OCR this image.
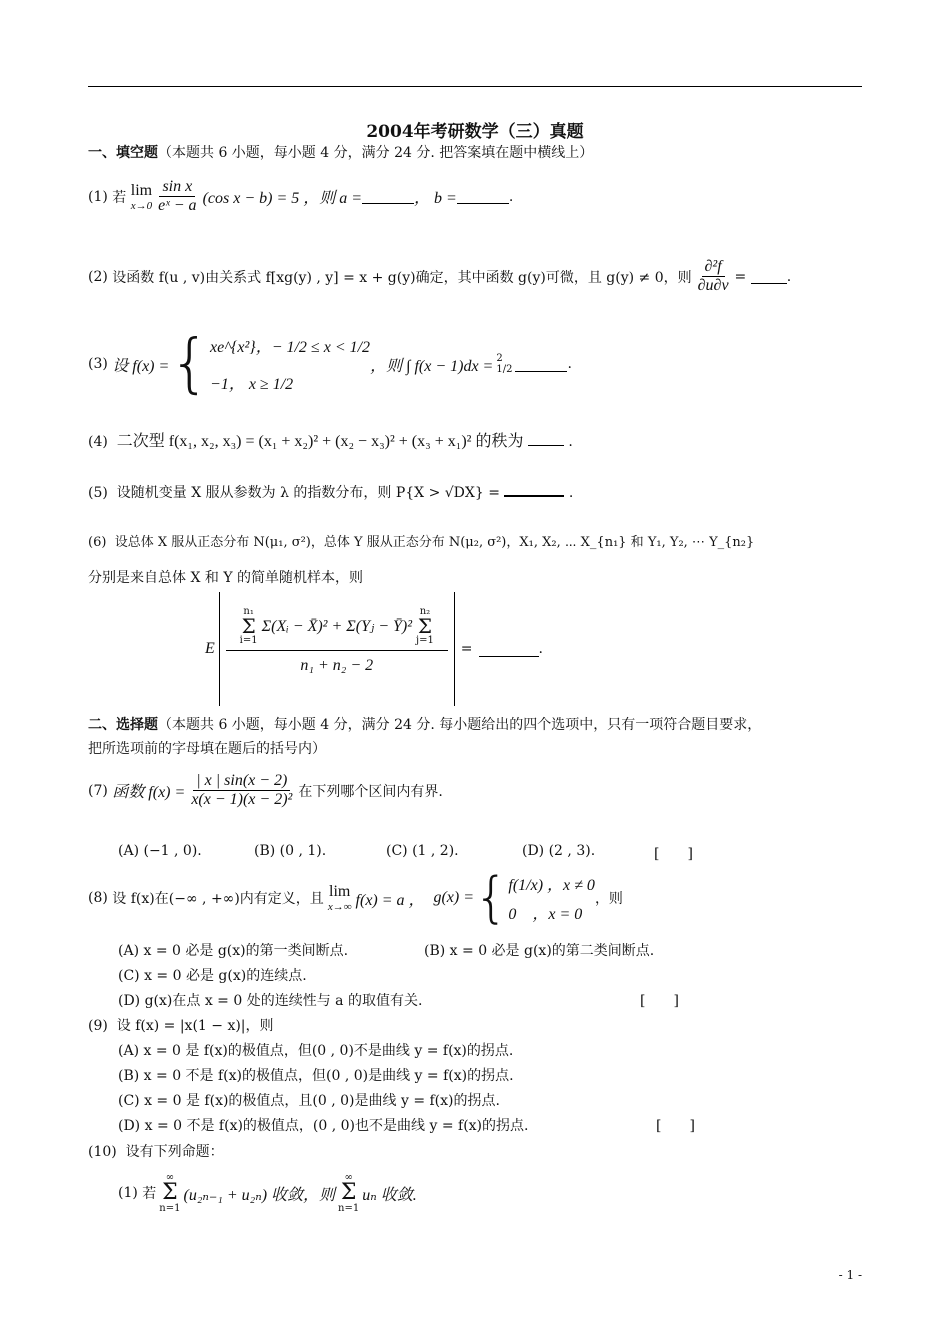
2004年考研数学（三）真题
一、填空题（本题共 6 小题，每小题 4 分，满分 24 分. 把答案填在题中横线上）
(1)
若
lim
$x\to 0 \frac{\text{sin x}}{\text{eˣ − a}} (\cos$ x − b) = 5 ，则 a =	， b =	.
(2)
设函数 f(u , v)由关系式 f[xg(y) , y] = x + g(y)确定，其中函数 g(y)可微，且 g(y) ≠ 0，则 $\frac{\text{∂²f}}{\partial u\partial v}$ =
	.
(3)
设 f(x) = { xe^{x²}，− 1/2 ≤ x < 1/2
−1， x ≥ 1/2
，则 ∫ f(x − 1)dx = 2
1/2	.
(4) 二次型 f(x₁, x₂, x₃) = (x₁ + x₂)² + (x₂ − x₃)² + (x₃ + x₁)² 的秩为	.
(5) 设随机变量 X 服从参数为 λ 的指数分布，则 P{X > √DX} =	.
(6) 设总体 X 服从正态分布 N(μ₁, σ²)，总体 Y 服从正态分布 N(μ₂, σ²)，X₁, X₂, ⋯ X_{n₁} 和 Y₁, Y₂, ⋯ Y_{n₂}
分别是来自总体 X 和 Y 的简单随机样本，则
E
n₁
Σ
i=1
Σ(Xᵢ − X̄)² + Σ(Yⱼ − Ȳ)²
n₂
Σ
j=1
n₁ + n₂ − 2
=	.
二、选择题（本题共 6 小题，每小题 4 分，满分 24 分. 每小题给出的四个选项中，只有一项符合题目要求，
把所选项前的字母填在题后的括号内）
(7)
函数 $f(x) = \frac{| x | \sin(x - 2)}{\text{x(x − 1)(x − 2)²}}$ 在下列哪个区间内有界.
(A) (−1 , 0).	(B) (0 , 1).	(C) (1 , 2).	(D) (2 , 3).	[　　]
(8)
设 f(x)在(−∞ , +∞)内有定义，且 lim
x→∞ f(x) = a ，
g(x) = { f(1/x) ，x ≠ 0
0　，x = 0
，则
(A) x = 0 必是 g(x)的第一类间断点.	(B) x = 0 必是 g(x)的第二类间断点.
(C) x = 0 必是 g(x)的连续点.
(D) g(x)在点 x = 0 处的连续性与 a 的取值有关.	[　　]
(9) 设 f(x) = |x(1 − x)|，则
(A) x = 0 是 f(x)的极值点，但(0 , 0)不是曲线 y = f(x)的拐点.
(B) x = 0 不是 f(x)的极值点，但(0 , 0)是曲线 y = f(x)的拐点.
(C) x = 0 是 f(x)的极值点，且(0 , 0)是曲线 y = f(x)的拐点.
(D) x = 0 不是 f(x)的极值点，(0 , 0)也不是曲线 y = f(x)的拐点.	[　　]
(10) 设有下列命题：
(1)
若
∞
Σ
n=1
(u₂ₙ₋₁ + u₂ₙ) 收敛，则
∞
Σ
n=1
uₙ 收敛.
- 1 -
